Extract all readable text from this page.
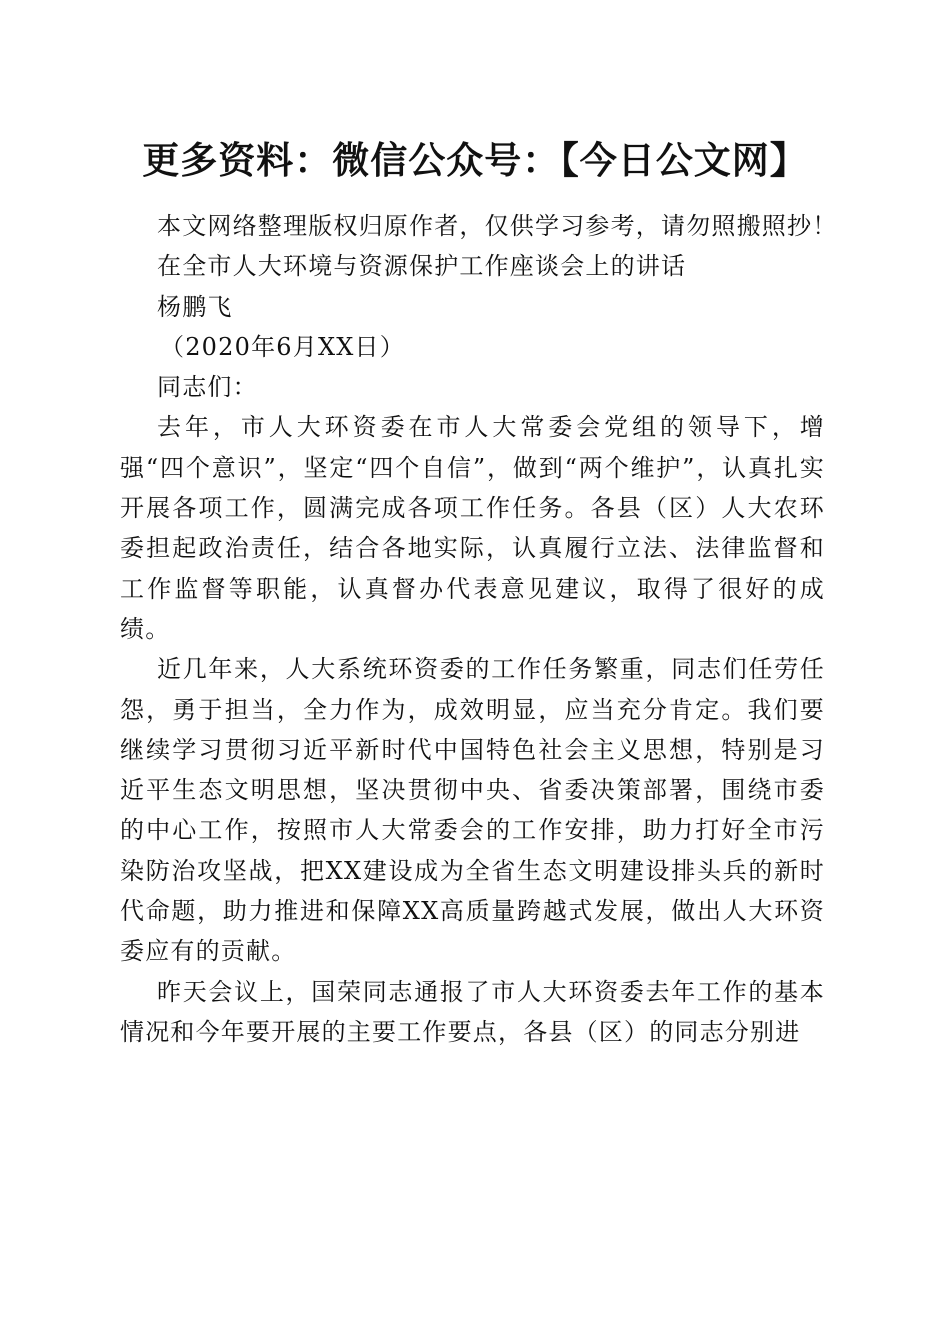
更多资料：微信公众号：【今日公文网】
本文网络整理版权归原作者，仅供学习参考，请勿照搬照抄！
在全市人大环境与资源保护工作座谈会上的讲话
杨鹏飞
（2020年6月XX日）
同志们：
去年，市人大环资委在市人大常委会党组的领导下，增强“四个意识”，坚定“四个自信”，做到“两个维护”，认真扎实开展各项工作，圆满完成各项工作任务。各县（区）人大农环委担起政治责任，结合各地实际，认真履行立法、法律监督和工作监督等职能，认真督办代表意见建议，取得了很好的成绩。
近几年来，人大系统环资委的工作任务繁重，同志们任劳任怨，勇于担当，全力作为，成效明显，应当充分肯定。我们要继续学习贯彻习近平新时代中国特色社会主义思想，特别是习近平生态文明思想，坚决贯彻中央、省委决策部署，围绕市委的中心工作，按照市人大常委会的工作安排，助力打好全市污染防治攻坚战，把XX建设成为全省生态文明建设排头兵的新时代命题，助力推进和保障XX高质量跨越式发展，做出人大环资委应有的贡献。
昨天会议上，国荣同志通报了市人大环资委去年工作的基本情况和今年要开展的主要工作要点，各县（区）的同志分别进
